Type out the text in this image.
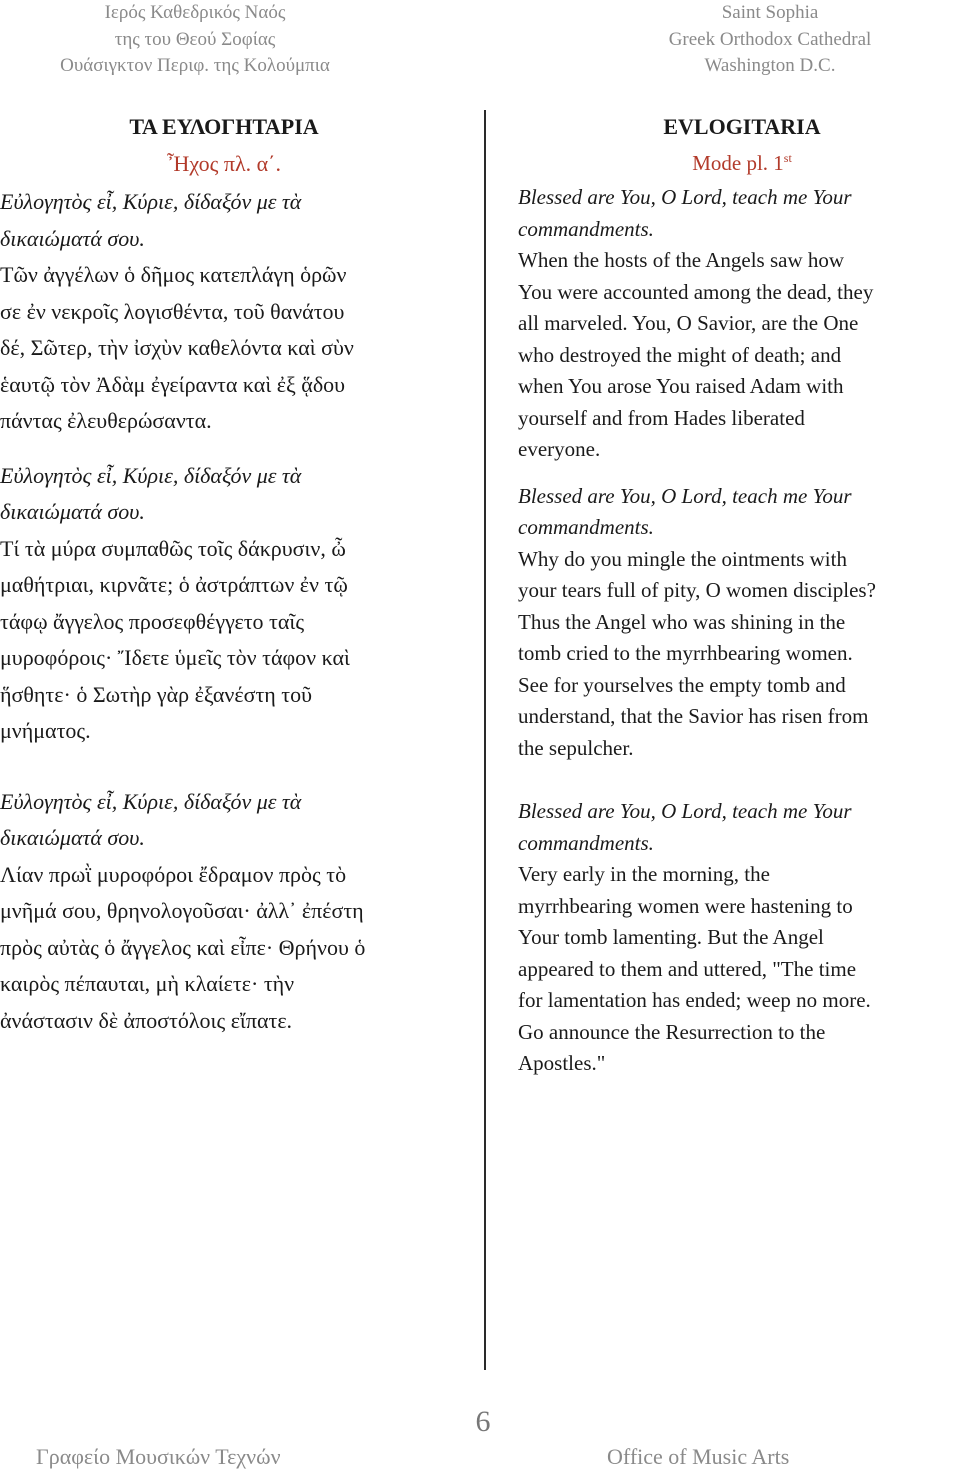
Ιερός Καθεδρικός Ναός
της του Θεού Σοφίας
Ουάσιγκτον Περιφ. της Κολούμπια
Saint Sophia
Greek Orthodox Cathedral
Washington D.C.
ΤΑ ΕΥΛΟΓΗΤΑΡΙΑ
Ἦχος πλ. α΄.
Εὐλογητὸς εἶ, Κύριε, δίδαξόν με τὰ
δικαιώματά σου.
Τῶν ἀγγέλων ὁ δῆμος κατεπλάγη ὁρῶν
σε ἐν νεκροῖς λογισθέντα, τοῦ θανάτου
δέ, Σῶτερ, τὴν ἰσχὺν καθελόντα καὶ σὺν
ἑαυτῷ τὸν Ἀδὰμ ἐγείραντα καὶ ἐξ ᾅδου
πάντας ἐλευθερώσαντα.
Εὐλογητὸς εἶ, Κύριε, δίδαξόν με τὰ
δικαιώματά σου.
Τί τὰ μύρα συμπαθῶς τοῖς δάκρυσιν, ὦ
μαθήτριαι, κιρνᾶτε; ὁ ἀστράπτων ἐν τῷ
τάφῳ ἄγγελος προσεφθέγγετο ταῖς
μυροφόροις· Ἴδετε ὑμεῖς τὸν τάφον καὶ
ἥσθητε· ὁ Σωτὴρ γὰρ ἐξανέστη τοῦ
μνήματος.
Εὐλογητὸς εἶ, Κύριε, δίδαξόν με τὰ
δικαιώματά σου.
Λίαν πρωῒ μυροφόροι ἔδραμον πρὸς τὸ
μνῆμά σου, θρηνολογοῦσαι· ἀλλ᾽ ἐπέστη
πρὸς αὐτὰς ὁ ἄγγελος καὶ εἶπε· Θρήνου ὁ
καιρὸς πέπαυται, μὴ κλαίετε· τὴν
ἀνάστασιν δὲ ἀποστόλοις εἴπατε.
EVLOGITARIA
Mode pl. 1st
Blessed are You, O Lord, teach me Your
commandments.
When the hosts of the Angels saw how
You were accounted among the dead, they
all marveled. You, O Savior, are the One
who destroyed the might of death; and
when You arose You raised Adam with
yourself and from Hades liberated
everyone.
Blessed are You, O Lord, teach me Your
commandments.
Why do you mingle the ointments with
your tears full of pity, O women disciples?
Thus the Angel who was shining in the
tomb cried to the myrrhbearing women.
See for yourselves the empty tomb and
understand, that the Savior has risen from
the sepulcher.
Blessed are You, O Lord, teach me Your
commandments.
Very early in the morning, the
myrrhbearing women were hastening to
Your tomb lamenting. But the Angel
appeared to them and uttered, "The time
for lamentation has ended; weep no more.
Go announce the Resurrection to the
Apostles."
6
Γραφείο Μουσικών Τεχνών	Office of Music Arts
